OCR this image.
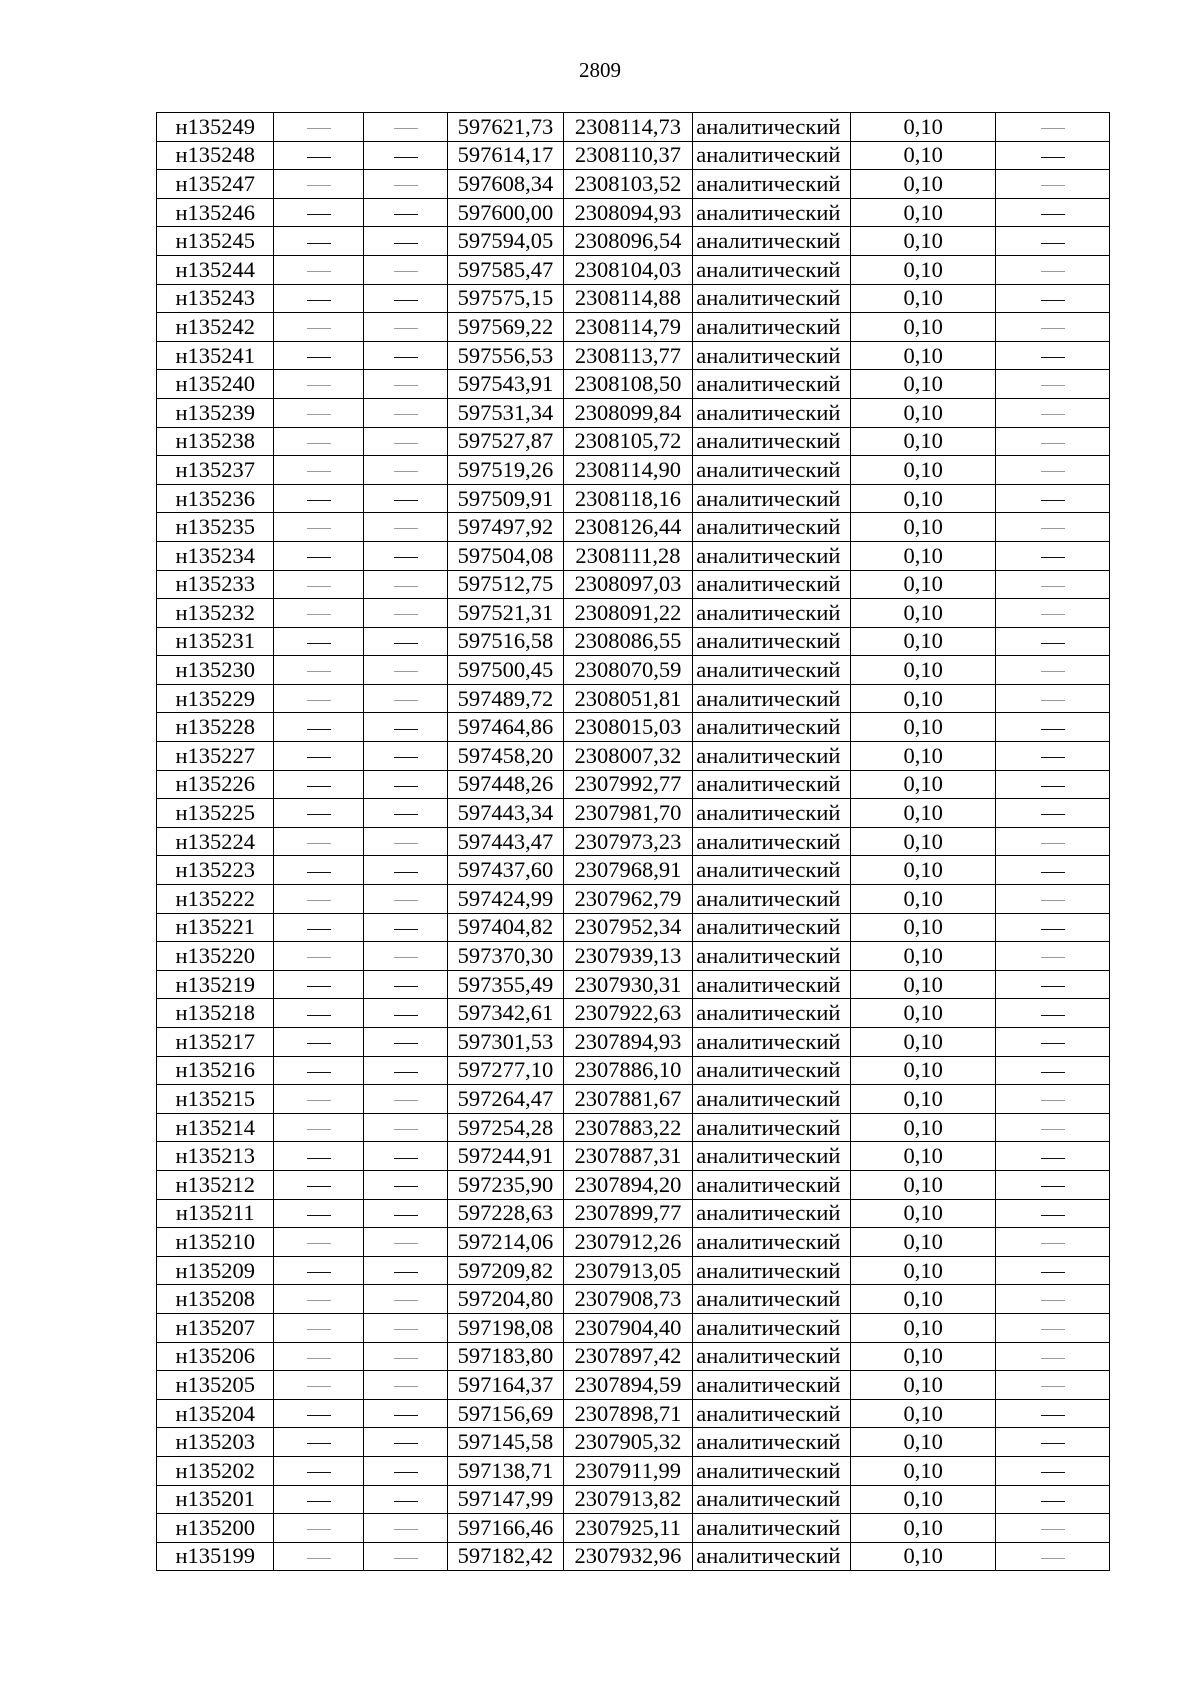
2809
н135249			597621,73	2308114,73	аналитический	0,10	
н135248			597614,17	2308110,37	аналитический	0,10	
н135247			597608,34	2308103,52	аналитический	0,10	
н135246			597600,00	2308094,93	аналитический	0,10	
н135245			597594,05	2308096,54	аналитический	0,10	
н135244			597585,47	2308104,03	аналитический	0,10	
н135243			597575,15	2308114,88	аналитический	0,10	
н135242			597569,22	2308114,79	аналитический	0,10	
н135241			597556,53	2308113,77	аналитический	0,10	
н135240			597543,91	2308108,50	аналитический	0,10	
н135239			597531,34	2308099,84	аналитический	0,10	
н135238			597527,87	2308105,72	аналитический	0,10	
н135237			597519,26	2308114,90	аналитический	0,10	
н135236			597509,91	2308118,16	аналитический	0,10	
н135235			597497,92	2308126,44	аналитический	0,10	
н135234			597504,08	2308111,28	аналитический	0,10	
н135233			597512,75	2308097,03	аналитический	0,10	
н135232			597521,31	2308091,22	аналитический	0,10	
н135231			597516,58	2308086,55	аналитический	0,10	
н135230			597500,45	2308070,59	аналитический	0,10	
н135229			597489,72	2308051,81	аналитический	0,10	
н135228			597464,86	2308015,03	аналитический	0,10	
н135227			597458,20	2308007,32	аналитический	0,10	
н135226			597448,26	2307992,77	аналитический	0,10	
н135225			597443,34	2307981,70	аналитический	0,10	
н135224			597443,47	2307973,23	аналитический	0,10	
н135223			597437,60	2307968,91	аналитический	0,10	
н135222			597424,99	2307962,79	аналитический	0,10	
н135221			597404,82	2307952,34	аналитический	0,10	
н135220			597370,30	2307939,13	аналитический	0,10	
н135219			597355,49	2307930,31	аналитический	0,10	
н135218			597342,61	2307922,63	аналитический	0,10	
н135217			597301,53	2307894,93	аналитический	0,10	
н135216			597277,10	2307886,10	аналитический	0,10	
н135215			597264,47	2307881,67	аналитический	0,10	
н135214			597254,28	2307883,22	аналитический	0,10	
н135213			597244,91	2307887,31	аналитический	0,10	
н135212			597235,90	2307894,20	аналитический	0,10	
н135211			597228,63	2307899,77	аналитический	0,10	
н135210			597214,06	2307912,26	аналитический	0,10	
н135209			597209,82	2307913,05	аналитический	0,10	
н135208			597204,80	2307908,73	аналитический	0,10	
н135207			597198,08	2307904,40	аналитический	0,10	
н135206			597183,80	2307897,42	аналитический	0,10	
н135205			597164,37	2307894,59	аналитический	0,10	
н135204			597156,69	2307898,71	аналитический	0,10	
н135203			597145,58	2307905,32	аналитический	0,10	
н135202			597138,71	2307911,99	аналитический	0,10	
н135201			597147,99	2307913,82	аналитический	0,10	
н135200			597166,46	2307925,11	аналитический	0,10	
н135199			597182,42	2307932,96	аналитический	0,10	
